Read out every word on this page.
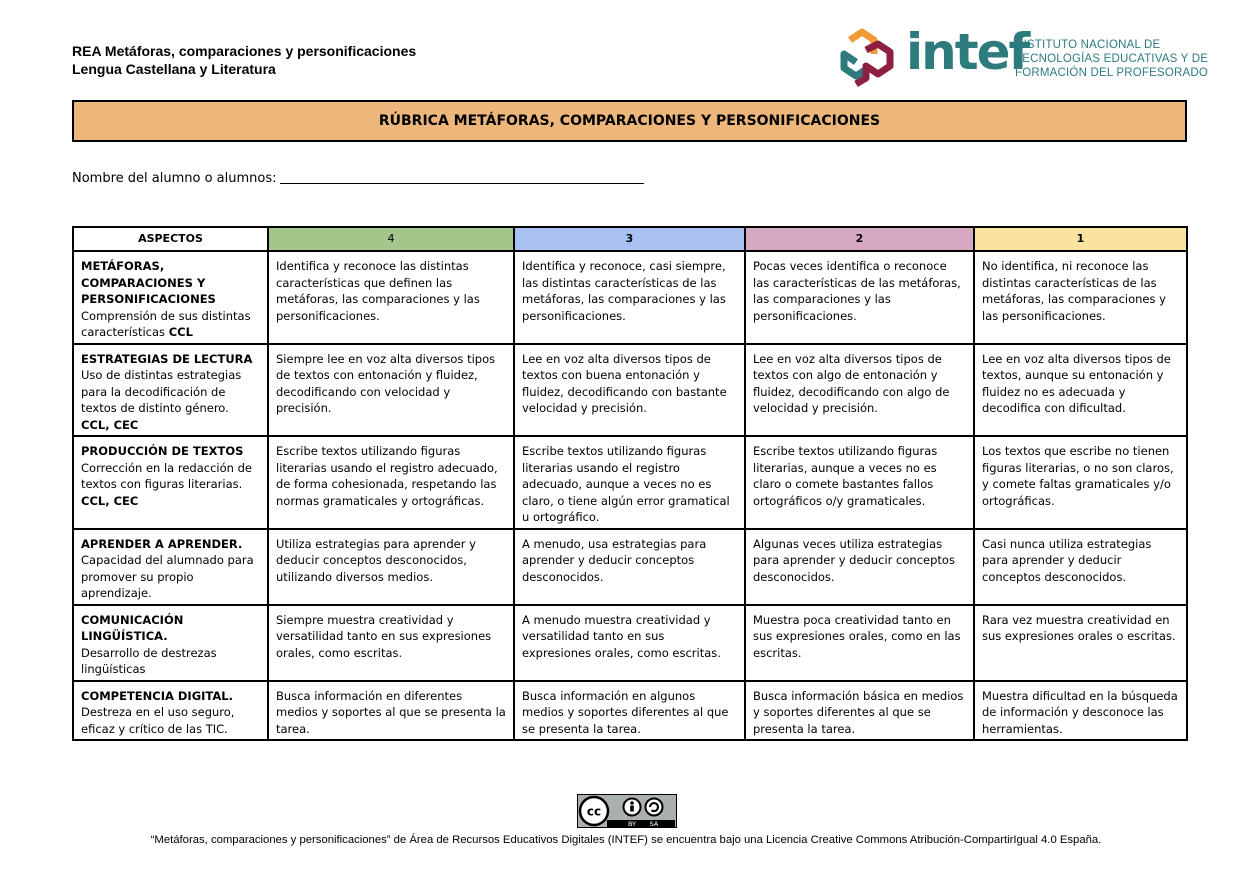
REA Metáforas, comparaciones y personificaciones
Lengua Castellana y Literatura	intef
INSTITUTO NACIONAL DE
TECNOLOGÍAS EDUCATIVAS Y DE
FORMACIÓN DEL PROFESORADO
RÚBRICA METÁFORAS, COMPARACIONES Y PERSONIFICACIONES
Nombre del alumno o alumnos:
ASPECTOS	4	3	2	1
METÁFORAS, COMPARACIONES Y PERSONIFICACIONES
Comprensión de sus distintas características CCL	Identifica y reconoce las distintas características que definen las metáforas, las comparaciones y las personificaciones.	Identifica y reconoce, casi siempre, las distintas características de las metáforas, las comparaciones y las personificaciones.	Pocas veces identifica o reconoce las características de las metáforas, las comparaciones y las personificaciones.	No identifica, ni reconoce las distintas características de las metáforas, las comparaciones y las personificaciones.
ESTRATEGIAS DE LECTURA
Uso de distintas estrategias para la decodificación de textos de distinto género. CCL, CEC	Siempre lee en voz alta diversos tipos de textos con entonación y fluidez, decodificando con velocidad y precisión.	Lee en voz alta diversos tipos de textos con buena entonación y fluidez, decodificando con bastante velocidad y precisión.	Lee en voz alta diversos tipos de textos con algo de entonación y fluidez, decodificando con algo de velocidad y precisión.	Lee en voz alta diversos tipos de textos, aunque su entonación y fluidez no es adecuada y decodifica con dificultad.
PRODUCCIÓN DE TEXTOS
Corrección en la redacción de textos con figuras literarias. CCL, CEC	Escribe textos utilizando figuras literarias usando el registro adecuado, de forma cohesionada, respetando las normas gramaticales y ortográficas.	Escribe textos utilizando figuras literarias usando el registro adecuado, aunque a veces no es claro, o tiene algún error gramatical u ortográfico.	Escribe textos utilizando figuras literarias, aunque a veces no es claro o comete bastantes fallos ortográficos o/y gramaticales.	Los textos que escribe no tienen figuras literarias, o no son claros, y comete faltas gramaticales y/o ortográficas.
APRENDER A APRENDER.
Capacidad del alumnado para promover su propio aprendizaje.	Utiliza estrategias para aprender y deducir conceptos desconocidos, utilizando diversos medios.	A menudo, usa estrategias para aprender y deducir conceptos desconocidos.	Algunas veces utiliza estrategias para aprender y deducir conceptos desconocidos.	Casi nunca utiliza estrategias para aprender y deducir conceptos desconocidos.
COMUNICACIÓN LINGÜÍSTICA.
Desarrollo de destrezas lingüísticas	Siempre muestra creatividad y versatilidad tanto en sus expresiones orales, como escritas.	A menudo muestra creatividad y versatilidad tanto en sus expresiones orales, como escritas.	Muestra poca creatividad tanto en sus expresiones orales, como en las escritas.	Rara vez muestra creatividad en sus expresiones orales o escritas.
COMPETENCIA DIGITAL.
Destreza en el uso seguro, eficaz y crítico de las TIC.	Busca información en diferentes medios y soportes al que se presenta la tarea.	Busca información en algunos medios y soportes diferentes al que se presenta la tarea.	Busca información básica en medios y soportes diferentes al que se presenta la tarea.	Muestra dificultad en la búsqueda de información y desconoce las herramientas.
cc
BY SA
“Metáforas, comparaciones y personificaciones” de Área de Recursos Educativos Digitales (INTEF) se encuentra bajo una Licencia Creative Commons Atribución-CompartirIgual 4.0 España.
